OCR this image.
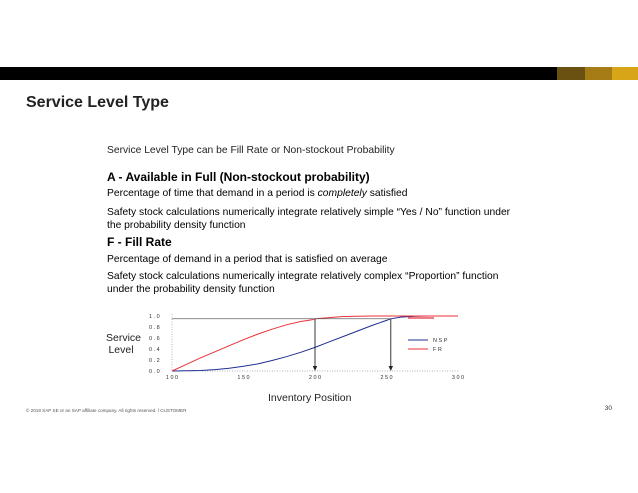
Service Level Type
Service Level Type can be Fill Rate or Non-stockout Probability
A - Available in Full (Non-stockout probability)
Percentage of time that demand in a period is completely satisfied
Safety stock calculations numerically integrate relatively simple “Yes / No” function under
the probability density function
F - Fill Rate
Percentage of demand in a period that is satisfied on average
Safety stock calculations numerically integrate relatively complex “Proportion” function
under the probability density function
Service
Level
0 . 0
0 . 2
0 . 4
0 . 6
0 . 8
1 . 0
1 0 0	1 5 0	2 0 0	2 5 0	3 0 0
N S P
F R
Inventory Position
© 2018 SAP SE or an SAP affiliate company. All rights reserved. ǀ CUSTOMER	30
